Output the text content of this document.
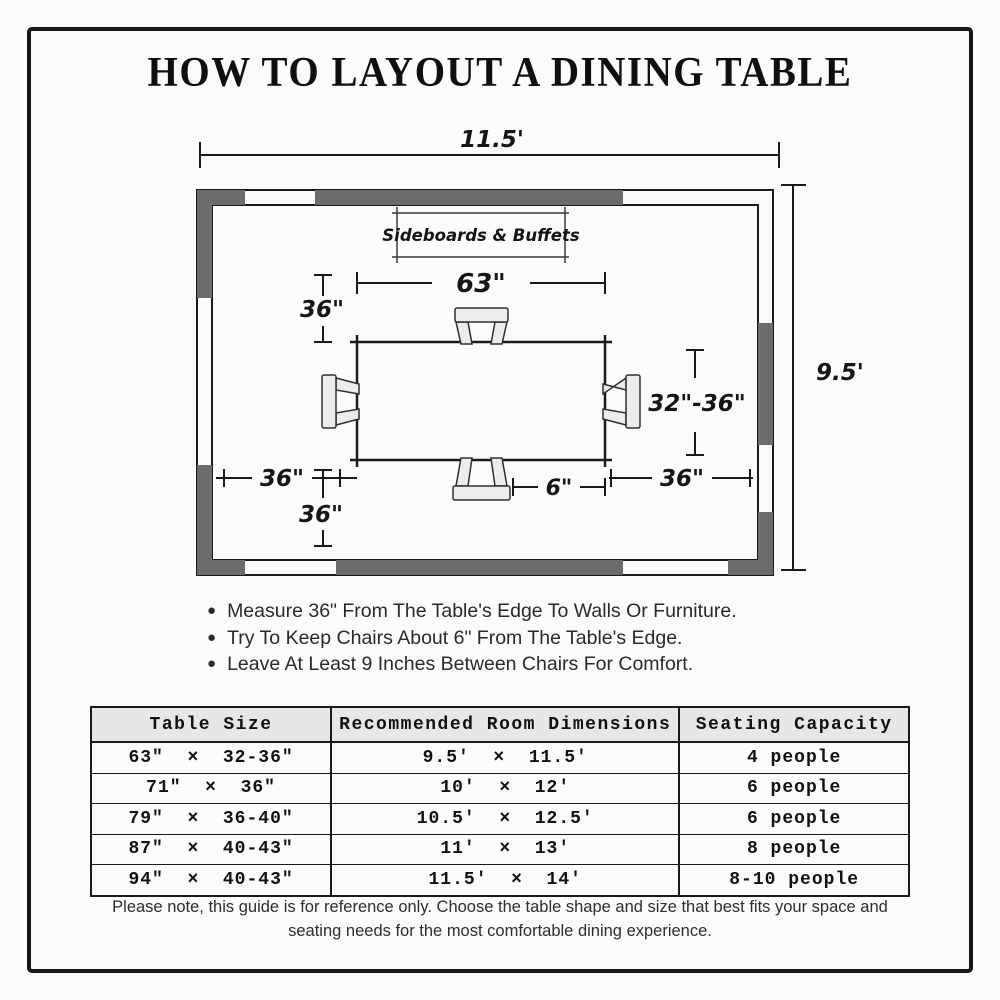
HOW TO LAYOUT A DINING TABLE
11.5'
9.5'
Sideboards & Buffets
63"
36"
36"
36"
6"	36"
32"-36"
● Measure 36" From The Table's Edge To Walls Or Furniture.
● Try To Keep Chairs About 6" From The Table's Edge.
● Leave At Least 9 Inches Between Chairs For Comfort.
Table Size	Recommended Room Dimensions	Seating Capacity
63"  ×  32-36"	9.5'  ×  11.5'	4 people
71"  ×  36"	10'  ×  12'	6 people
79"  ×  36-40"	10.5'  ×  12.5'	6 people
87"  ×  40-43"	11'  ×  13'	8 people
94"  ×  40-43"	11.5'  ×  14'	8-10 people
Please note, this guide is for reference only. Choose the table shape and size that best fits your space and seating needs for the most comfortable dining experience.
